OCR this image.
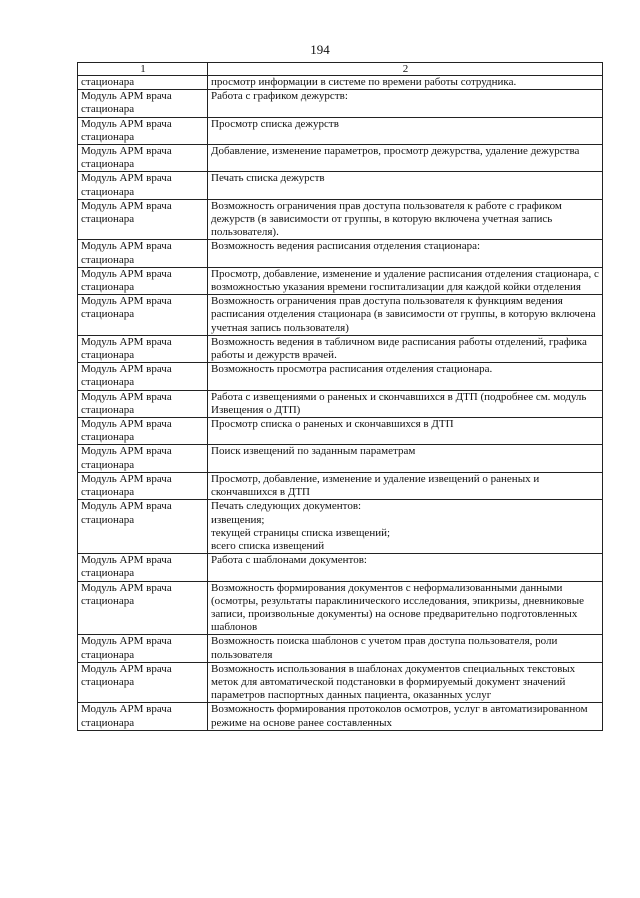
194
1	2
стационара	просмотр информации в системе по времени работы сотрудника.

Модуль АРМ врача стационара	Работа с графиком дежурств:

Модуль АРМ врача стационара	Просмотр списка дежурств

Модуль АРМ врача стационара	Добавление, изменение параметров, просмотр дежурства, удаление дежурства

Модуль АРМ врача стационара	Печать списка дежурств

Модуль АРМ врача стационара	Возможность ограничения прав доступа пользователя к работе с графиком дежурств (в зависимости от группы, в которую включена учетная запись пользователя).

Модуль АРМ врача стационара	Возможность ведения расписания отделения стационара:

Модуль АРМ врача стационара	Просмотр, добавление, изменение и удаление расписания отделения стационара, с возможностью указания времени госпитализации для каждой койки отделения

Модуль АРМ врача стационара	Возможность ограничения прав доступа пользователя к функциям ведения расписания отделения стационара (в зависимости от группы, в которую включена учетная запись пользователя)

Модуль АРМ врача стационара	Возможность ведения в табличном виде расписания работы отделений, графика работы и дежурств врачей.

Модуль АРМ врача стационара	Возможность просмотра расписания отделения стационара.

Модуль АРМ врача стационара	Работа с извещениями о раненых и скончавшихся в ДТП (подробнее см. модуль Извещения о ДТП)

Модуль АРМ врача стационара	Просмотр списка о раненых и скончавшихся в ДТП

Модуль АРМ врача стационара	Поиск извещений по заданным параметрам

Модуль АРМ врача стационара	Просмотр, добавление, изменение и удаление извещений о раненых и скончавшихся в ДТП

Модуль АРМ врача стационара	Печать следующих документов:
извещения;
текущей страницы списка извещений;
всего списка извещений

Модуль АРМ врача стационара	Работа с шаблонами документов:

Модуль АРМ врача стационара	Возможность формирования документов с неформализованными данными (осмотры, результаты параклинического исследования, эпикризы, дневниковые записи, произвольные документы) на основе предварительно подготовленных шаблонов

Модуль АРМ врача стационара	Возможность поиска шаблонов с учетом прав доступа пользователя, роли пользователя

Модуль АРМ врача стационара	Возможность использования в шаблонах документов специальных текстовых меток для автоматической подстановки в формируемый документ значений параметров паспортных данных пациента, оказанных услуг

Модуль АРМ врача стационара	Возможность формирования протоколов осмотров, услуг в автоматизированном режиме на основе ранее составленных
